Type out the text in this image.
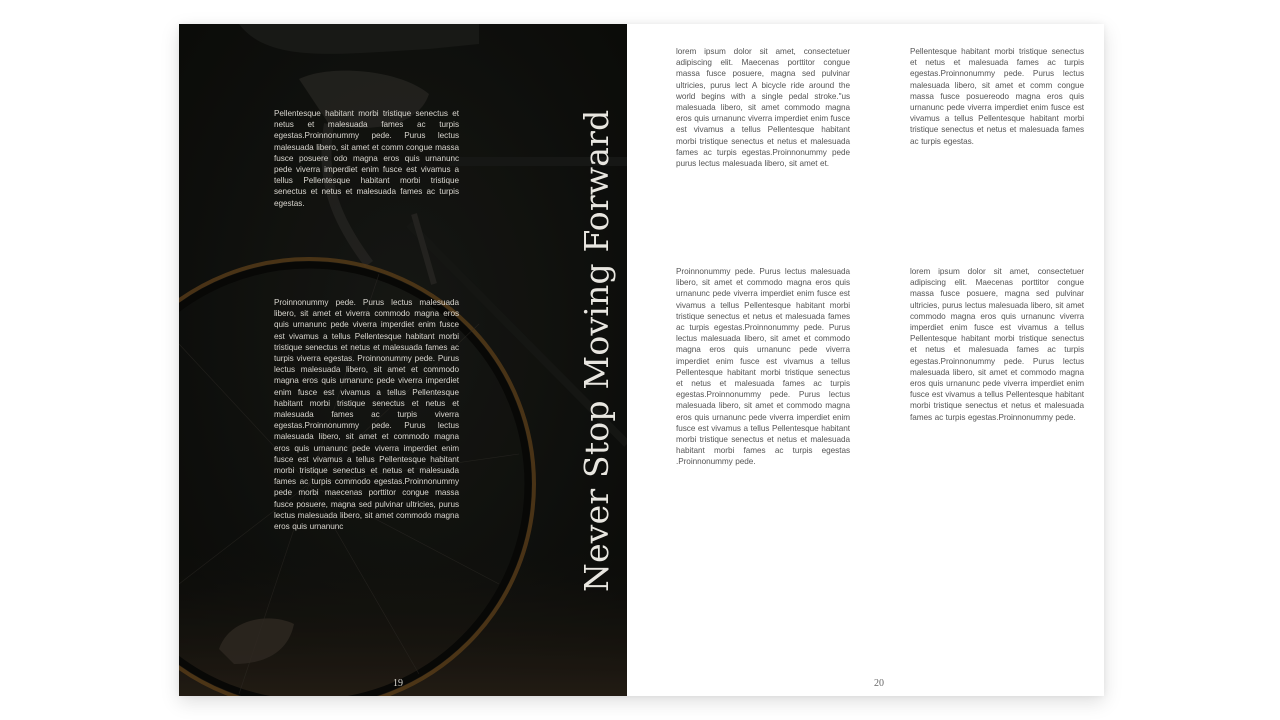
Pellentesque habitant morbi tristique senectus et netus et malesuada fames ac turpis egestas.Proinnonummy pede. Purus lectus malesuada libero, sit amet et comm congue massa fusce posuere odo magna eros quis urnanunc pede viverra imperdiet enim fusce est vivamus a tellus Pellentesque habitant morbi tristique senectus et netus et malesuada fames ac turpis egestas.

Proinnonummy pede. Purus lectus malesuada libero, sit amet et viverra commodo magna eros quis urnanunc pede viverra imperdiet enim fusce est vivamus a tellus Pellentesque habitant morbi tristique senectus et netus et malesuada fames ac turpis viverra egestas. Proinnonummy pede. Purus lectus malesuada libero, sit amet et commodo magna eros quis urnanunc pede viverra imperdiet enim fusce est vivamus a tellus Pellentesque habitant morbi tristique senectus et netus et malesuada fames ac turpis viverra egestas.Proinnonummy pede. Purus lectus malesuada libero, sit amet et commodo magna eros quis urnanunc pede viverra imperdiet enim fusce est vivamus a tellus Pellentesque habitant morbi tristique senectus et netus et malesuada fames ac turpis commodo egestas.Proinnonummy pede morbi maecenas porttitor congue massa fusce posuere, magna sed pulvinar ultricies, purus lectus malesuada libero, sit amet commodo magna eros quis urnanunc	Never Stop Moving Forward
19

lorem ipsum dolor sit amet, consectetuer adipiscing elit. Maecenas porttitor congue massa fusce posuere, magna sed pulvinar ultricies, purus lect A bicycle ride around the world begins with a single pedal stroke."us malesuada libero, sit amet commodo magna eros quis urnanunc viverra imperdiet enim fusce est vivamus a tellus Pellentesque habitant morbi tristique senectus et netus et malesuada fames ac turpis egestas.Proinnonummy pede purus lectus malesuada libero, sit amet et.

Pellentesque habitant morbi tristique senectus et netus et malesuada fames ac turpis egestas.Proinnonummy pede. Purus lectus malesuada libero, sit amet et comm congue massa fusce posuereodo magna eros quis urnanunc pede viverra imperdiet enim fusce est vivamus a tellus Pellentesque habitant morbi tristique senectus et netus et malesuada fames ac turpis egestas.

Proinnonummy pede. Purus lectus malesuada libero, sit amet et commodo magna eros quis urnanunc pede viverra imperdiet enim fusce est vivamus a tellus Pellentesque habitant morbi tristique senectus et netus et malesuada fames ac turpis egestas.Proinnonummy pede. Purus lectus malesuada libero, sit amet et commodo magna eros quis urnanunc pede viverra imperdiet enim fusce est vivamus a tellus Pellentesque habitant morbi tristique senectus et netus et malesuada fames ac turpis egestas.Proinnonummy pede. Purus lectus malesuada libero, sit amet et commodo magna eros quis urnanunc pede viverra imperdiet enim fusce est vivamus a tellus Pellentesque habitant morbi tristique senectus et netus et malesuada habitant morbi fames ac turpis egestas .Proinnonummy pede.

lorem ipsum dolor sit amet, consectetuer adipiscing elit. Maecenas porttitor congue massa fusce posuere, magna sed pulvinar ultricies, purus lectus malesuada libero, sit amet commodo magna eros quis urnanunc viverra imperdiet enim fusce est vivamus a tellus Pellentesque habitant morbi tristique senectus et netus et malesuada fames ac turpis egestas.Proinnonummy pede. Purus lectus malesuada libero, sit amet et commodo magna eros quis urnanunc pede viverra imperdiet enim fusce est vivamus a tellus Pellentesque habitant morbi tristique senectus et netus et malesuada fames ac turpis egestas.Proinnonummy pede.

20
